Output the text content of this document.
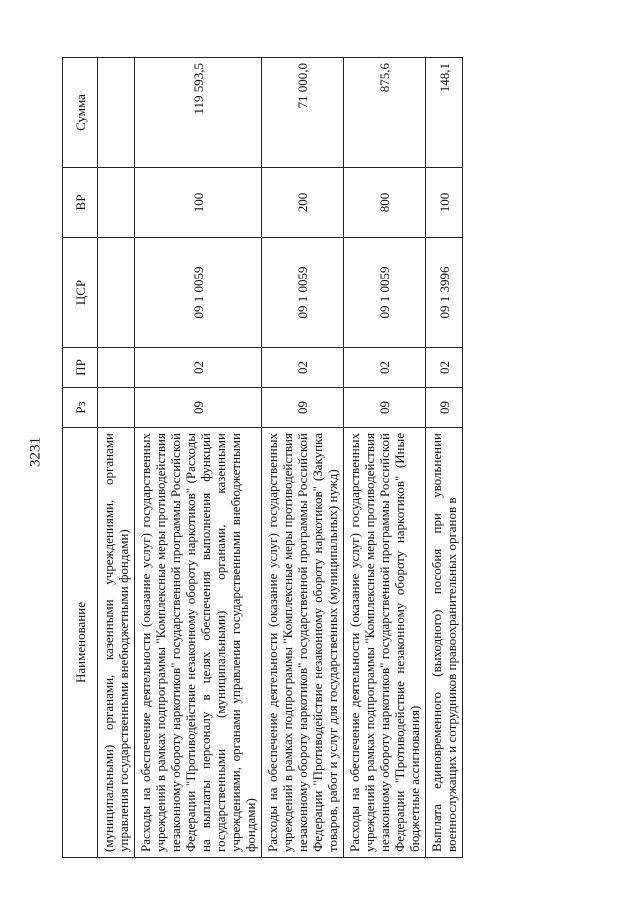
3231
Наименование	Рз	ПР	ЦСР	ВР	Сумма
(муниципальными) органами, казенными учреждениями, органами управления государственными внебюджетными фондами)					
Расходы на обеспечение деятельности (оказание услуг) государственных учреждений в рамках подпрограммы "Комплексные меры противодействия незаконному обороту наркотиков" государственной программы Российской Федерации "Противодействие незаконному обороту наркотиков" (Расходы на выплаты персоналу в целях обеспечения выполнения функций государственными (муниципальными) органами, казенными учреждениями, органами управления государственными внебюджетными фондами)	09	02	09 1 0059	100	119 593,5
Расходы на обеспечение деятельности (оказание услуг) государственных учреждений в рамках подпрограммы "Комплексные меры противодействия незаконному обороту наркотиков" государственной программы Российской Федерации "Противодействие незаконному обороту наркотиков" (Закупка товаров, работ и услуг для государственных (муниципальных) нужд)	09	02	09 1 0059	200	71 000,0
Расходы на обеспечение деятельности (оказание услуг) государственных учреждений в рамках подпрограммы "Комплексные меры противодействия незаконному обороту наркотиков" государственной программы Российской Федерации "Противодействие незаконному обороту наркотиков" (Иные бюджетные ассигнования)	09	02	09 1 0059	800	875,6
Выплата единовременного (выходного) пособия при увольнении военнослужащих и сотрудников правоохранительных органов в	09	02	09 1 3996	100	148,1
